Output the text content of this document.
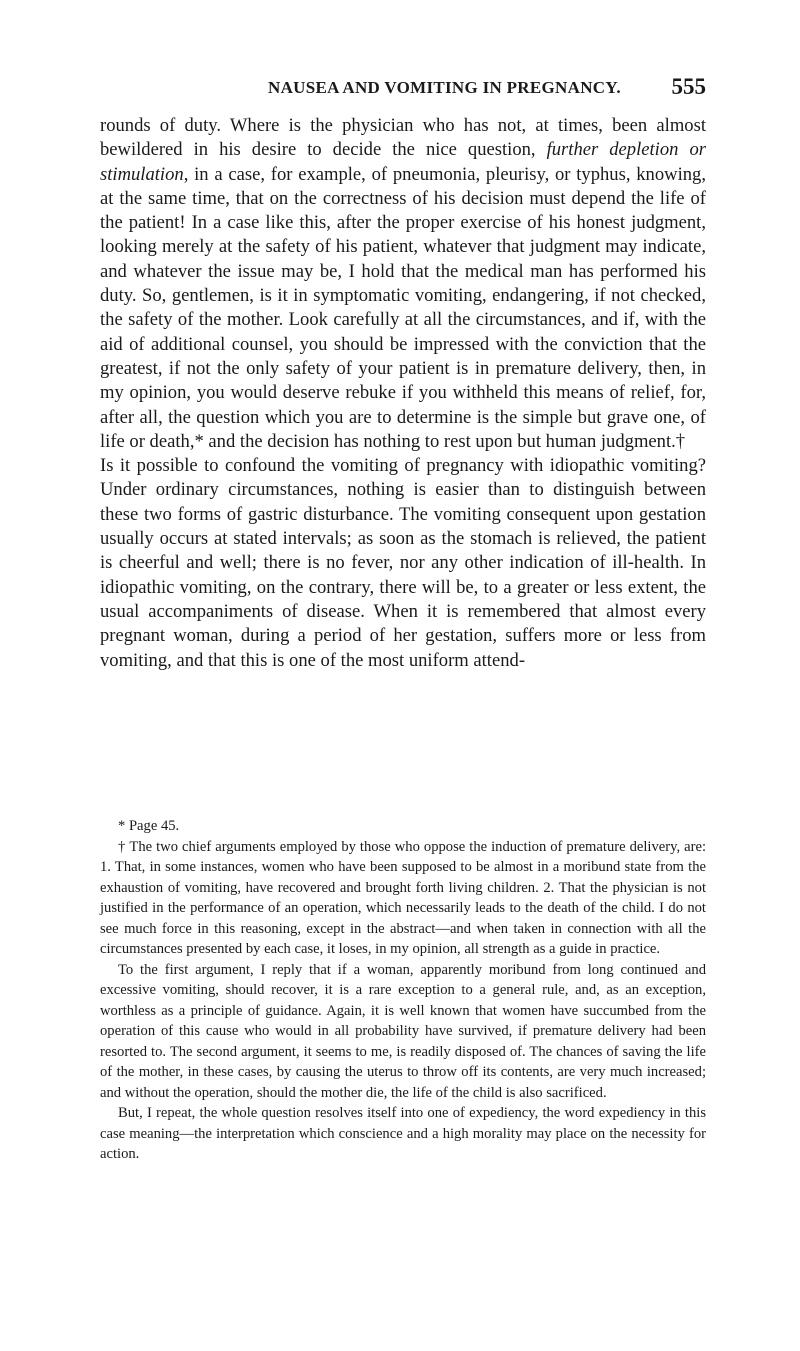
NAUSEA AND VOMITING IN PREGNANCY. 555

rounds of duty. Where is the physician who has not, at times, been almost bewildered in his desire to decide the nice question, further depletion or stimulation, in a case, for example, of pneumonia, pleurisy, or typhus, knowing, at the same time, that on the correctness of his decision must depend the life of the patient! In a case like this, after the proper exercise of his honest judgment, looking merely at the safety of his patient, whatever that judgment may indicate, and whatever the issue may be, I hold that the medical man has performed his duty. So, gentlemen, is it in symptomatic vomiting, endangering, if not checked, the safety of the mother. Look carefully at all the circumstances, and if, with the aid of additional counsel, you should be impressed with the conviction that the greatest, if not the only safety of your patient is in premature delivery, then, in my opinion, you would deserve rebuke if you withheld this means of relief, for, after all, the question which you are to determine is the simple but grave one, of life or death,* and the decision has nothing to rest upon but human judgment.†

Is it possible to confound the vomiting of pregnancy with idiopathic vomiting? Under ordinary circumstances, nothing is easier than to distinguish between these two forms of gastric disturbance. The vomiting consequent upon gestation usually occurs at stated intervals; as soon as the stomach is relieved, the patient is cheerful and well; there is no fever, nor any other indication of ill-health. In idiopathic vomiting, on the contrary, there will be, to a greater or less extent, the usual accompaniments of disease. When it is remembered that almost every pregnant woman, during a period of her gestation, suffers more or less from vomiting, and that this is one of the most uniform attend-

* Page 45.

† The two chief arguments employed by those who oppose the induction of premature delivery, are: 1. That, in some instances, women who have been supposed to be almost in a moribund state from the exhaustion of vomiting, have recovered and brought forth living children. 2. That the physician is not justified in the performance of an operation, which necessarily leads to the death of the child. I do not see much force in this reasoning, except in the abstract—and when taken in connection with all the circumstances presented by each case, it loses, in my opinion, all strength as a guide in practice.

To the first argument, I reply that if a woman, apparently moribund from long continued and excessive vomiting, should recover, it is a rare exception to a general rule, and, as an exception, worthless as a principle of guidance. Again, it is well known that women have succumbed from the operation of this cause who would in all probability have survived, if premature delivery had been resorted to. The second argument, it seems to me, is readily disposed of. The chances of saving the life of the mother, in these cases, by causing the uterus to throw off its contents, are very much increased; and without the operation, should the mother die, the life of the child is also sacrificed.

But, I repeat, the whole question resolves itself into one of expediency, the word expediency in this case meaning—the interpretation which conscience and a high morality may place on the necessity for action.
